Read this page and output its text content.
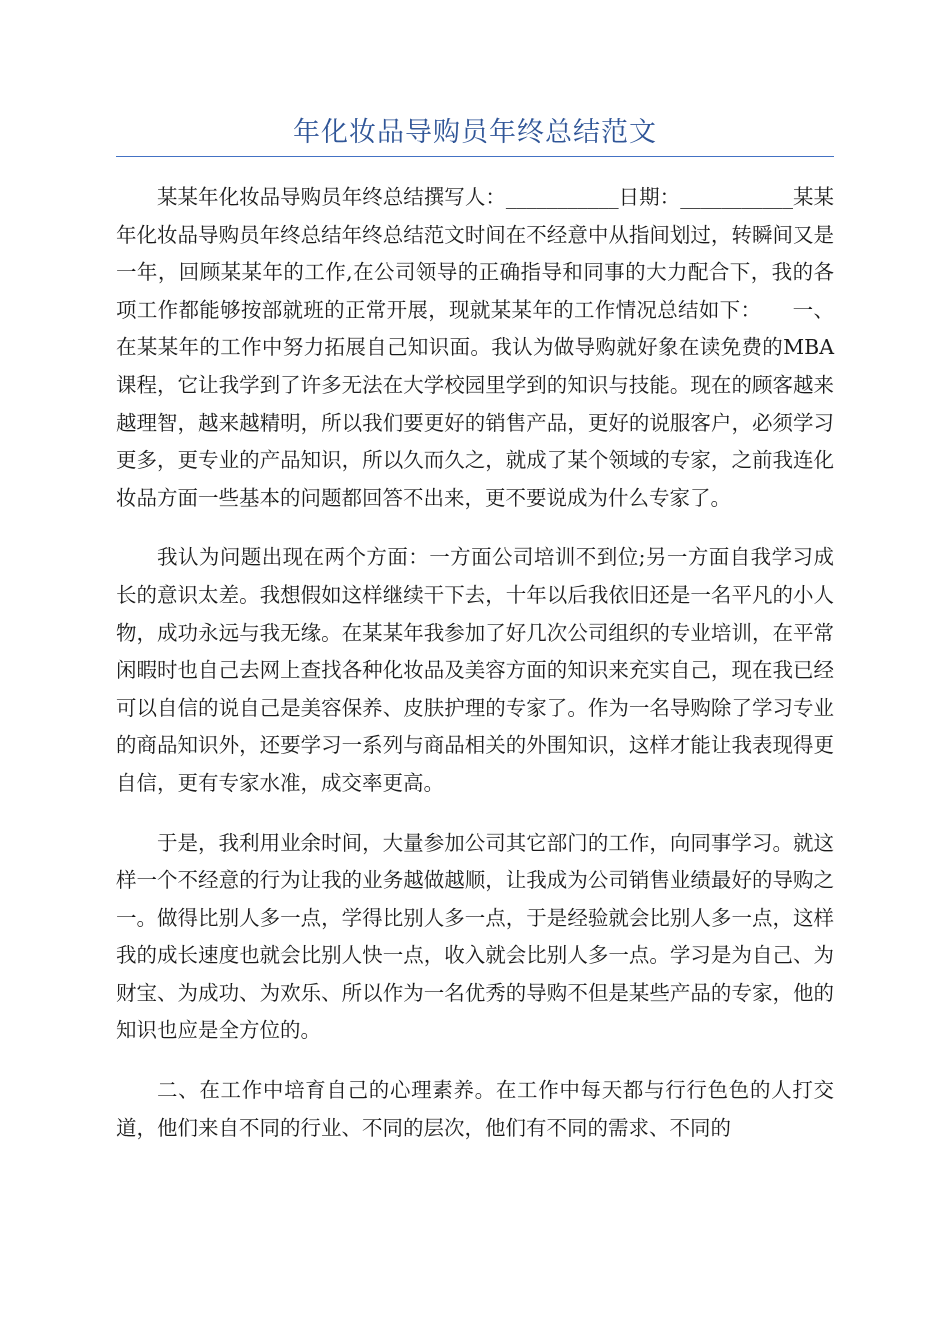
年化妆品导购员年终总结范文

某某年化妆品导购员年终总结撰写人：___________日期：___________某某年化妆品导购员年终总结年终总结范文时间在不经意中从指间划过，转瞬间又是一年，回顾某某年的工作,在公司领导的正确指导和同事的大力配合下，我的各项工作都能够按部就班的正常开展，现就某某年的工作情况总结如下：　　一、在某某年的工作中努力拓展自己知识面。我认为做导购就好象在读免费的MBA课程，它让我学到了许多无法在大学校园里学到的知识与技能。现在的顾客越来越理智，越来越精明，所以我们要更好的销售产品，更好的说服客户，必须学习更多，更专业的产品知识，所以久而久之，就成了某个领域的专家，之前我连化妆品方面一些基本的问题都回答不出来，更不要说成为什么专家了。

我认为问题出现在两个方面：一方面公司培训不到位;另一方面自我学习成长的意识太差。我想假如这样继续干下去，十年以后我依旧还是一名平凡的小人物，成功永远与我无缘。在某某年我参加了好几次公司组织的专业培训，在平常闲暇时也自己去网上查找各种化妆品及美容方面的知识来充实自己，现在我已经可以自信的说自己是美容保养、皮肤护理的专家了。作为一名导购除了学习专业的商品知识外，还要学习一系列与商品相关的外围知识，这样才能让我表现得更自信，更有专家水准，成交率更高。

于是，我利用业余时间，大量参加公司其它部门的工作，向同事学习。就这样一个不经意的行为让我的业务越做越顺，让我成为公司销售业绩最好的导购之一。做得比别人多一点，学得比别人多一点，于是经验就会比别人多一点，这样我的成长速度也就会比别人快一点，收入就会比别人多一点。学习是为自己、为财宝、为成功、为欢乐、所以作为一名优秀的导购不但是某些产品的专家，他的知识也应是全方位的。

二、在工作中培育自己的心理素养。在工作中每天都与行行色色的人打交道，他们来自不同的行业、不同的层次，他们有不同的需求、不同的
